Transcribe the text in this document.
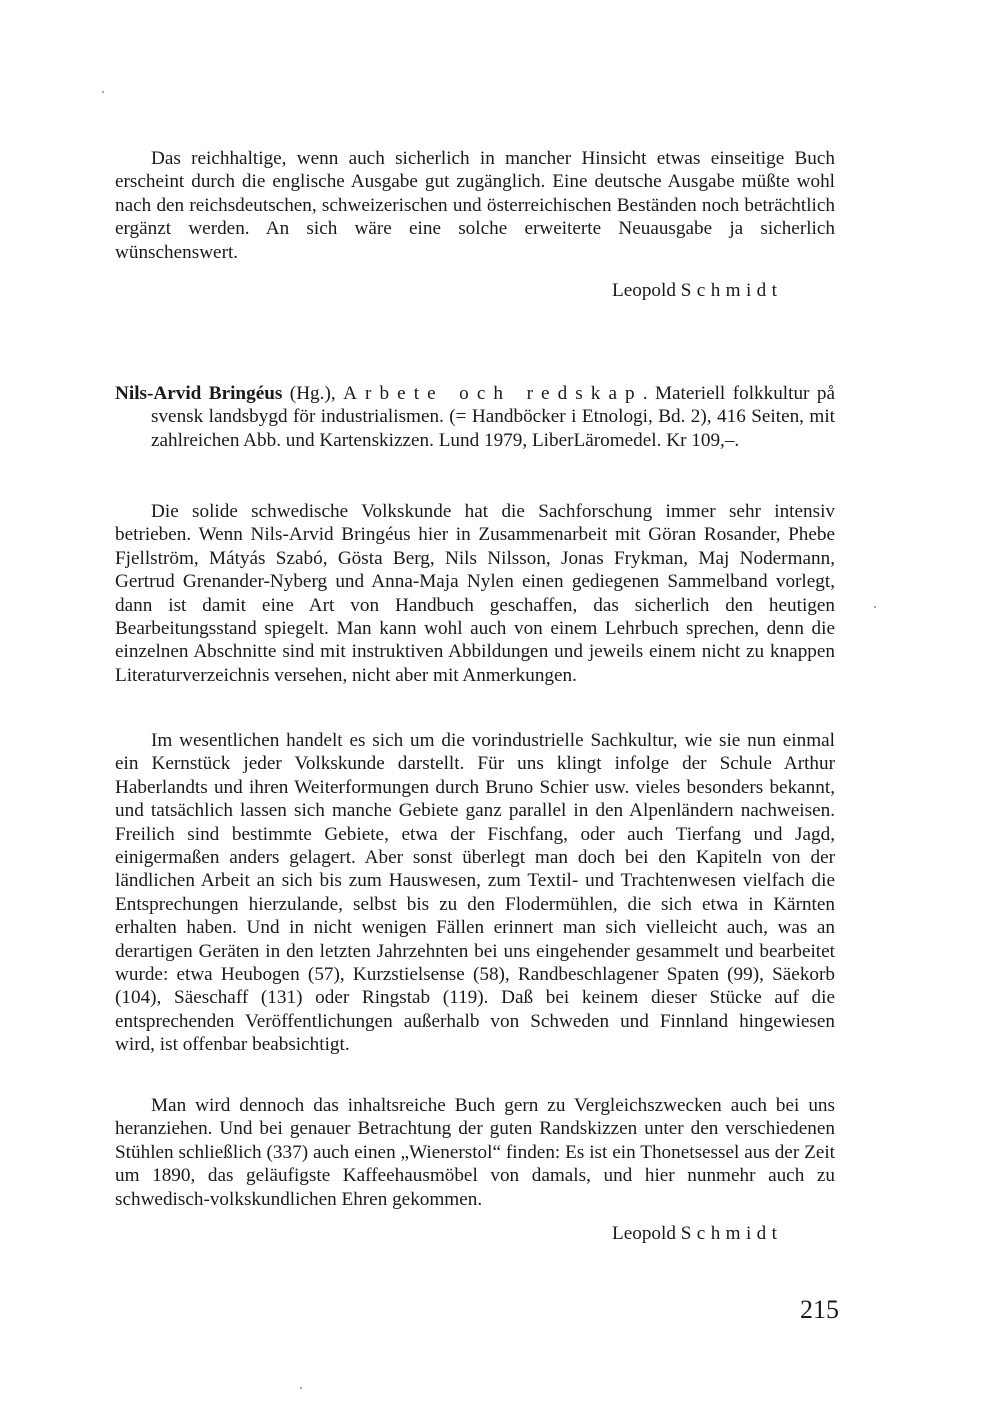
Das reichhaltige, wenn auch sicherlich in mancher Hinsicht etwas einseitige Buch erscheint durch die englische Ausgabe gut zugänglich. Eine deutsche Ausgabe müßte wohl nach den reichsdeutschen, schweizerischen und österreichischen Beständen noch beträchtlich ergänzt werden. An sich wäre eine solche erweiterte Neuausgabe ja sicherlich wünschenswert.

Leopold Schmidt
Nils-Arvid Bringéus (Hg.), Arbete och redskap. Materiell folkkultur på svensk landsbygd för industrialismen. (= Handböcker i Etnologi, Bd. 2), 416 Seiten, mit zahlreichen Abb. und Kartenskizzen. Lund 1979, LiberLäromedel. Kr 109,–.

Die solide schwedische Volkskunde hat die Sachforschung immer sehr intensiv betrieben. Wenn Nils-Arvid Bringéus hier in Zusammenarbeit mit Göran Rosander, Phebe Fjellström, Mátyás Szabó, Gösta Berg, Nils Nilsson, Jonas Frykman, Maj Nodermann, Gertrud Grenander-Nyberg und Anna-Maja Nylen einen gediegenen Sammelband vorlegt, dann ist damit eine Art von Handbuch geschaffen, das sicherlich den heutigen Bearbeitungsstand spiegelt. Man kann wohl auch von einem Lehrbuch sprechen, denn die einzelnen Abschnitte sind mit instruktiven Abbildungen und jeweils einem nicht zu knappen Literaturverzeichnis versehen, nicht aber mit Anmerkungen.

Im wesentlichen handelt es sich um die vorindustrielle Sachkultur, wie sie nun einmal ein Kernstück jeder Volkskunde darstellt. Für uns klingt infolge der Schule Arthur Haberlandts und ihren Weiterformungen durch Bruno Schier usw. vieles besonders bekannt, und tatsächlich lassen sich manche Gebiete ganz parallel in den Alpenländern nachweisen. Freilich sind bestimmte Gebiete, etwa der Fischfang, oder auch Tierfang und Jagd, einigermaßen anders gelagert. Aber sonst überlegt man doch bei den Kapiteln von der ländlichen Arbeit an sich bis zum Hauswesen, zum Textil- und Trachtenwesen vielfach die Entsprechungen hierzulande, selbst bis zu den Flodermühlen, die sich etwa in Kärnten erhalten haben. Und in nicht wenigen Fällen erinnert man sich vielleicht auch, was an derartigen Geräten in den letzten Jahrzehnten bei uns eingehender gesammelt und bearbeitet wurde: etwa Heubogen (57), Kurzstielsense (58), Randbeschlagener Spaten (99), Säekorb (104), Säeschaff (131) oder Ringstab (119). Daß bei keinem dieser Stücke auf die entsprechenden Veröffentlichungen außerhalb von Schweden und Finnland hingewiesen wird, ist offenbar beabsichtigt.

Man wird dennoch das inhaltsreiche Buch gern zu Vergleichszwecken auch bei uns heranziehen. Und bei genauer Betrachtung der guten Randskizzen unter den verschiedenen Stühlen schließlich (337) auch einen „Wienerstol“ finden: Es ist ein Thonetsessel aus der Zeit um 1890, das geläufigste Kaffeehausmöbel von damals, und hier nunmehr auch zu schwedisch-volkskundlichen Ehren gekommen.

Leopold Schmidt
215
